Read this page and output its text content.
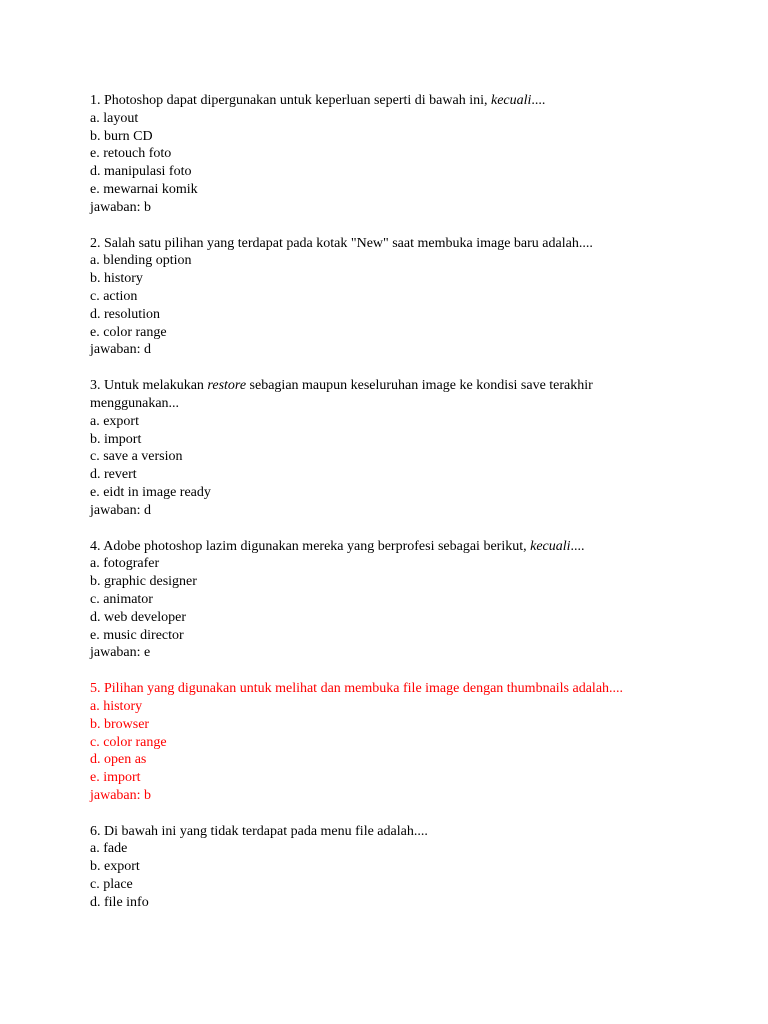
1. Photoshop dapat dipergunakan untuk keperluan seperti di bawah ini, kecuali....

a. layout

b. burn CD

e. retouch foto

d. manipulasi foto

e. mewarnai komik

jawaban: b

2. Salah satu pilihan yang terdapat pada kotak "New" saat membuka image baru adalah....

a. blending option

b. history

c. action

d. resolution

e. color range

jawaban: d

3. Untuk melakukan restore sebagian maupun keseluruhan image ke kondisi save terakhir

menggunakan...

a. export

b. import

c. save a version

d. revert

e. eidt in image ready

jawaban: d

4. Adobe photoshop lazim digunakan mereka yang berprofesi sebagai berikut, kecuali....

a. fotografer

b. graphic designer

c. animator

d. web developer

e. music director

jawaban: e

5. Pilihan yang digunakan untuk melihat dan membuka file image dengan thumbnails adalah....

a. history

b. browser

c. color range

d. open as

e. import

jawaban: b

6. Di bawah ini yang tidak terdapat pada menu file adalah....

a. fade

b. export

c. place

d. file info
